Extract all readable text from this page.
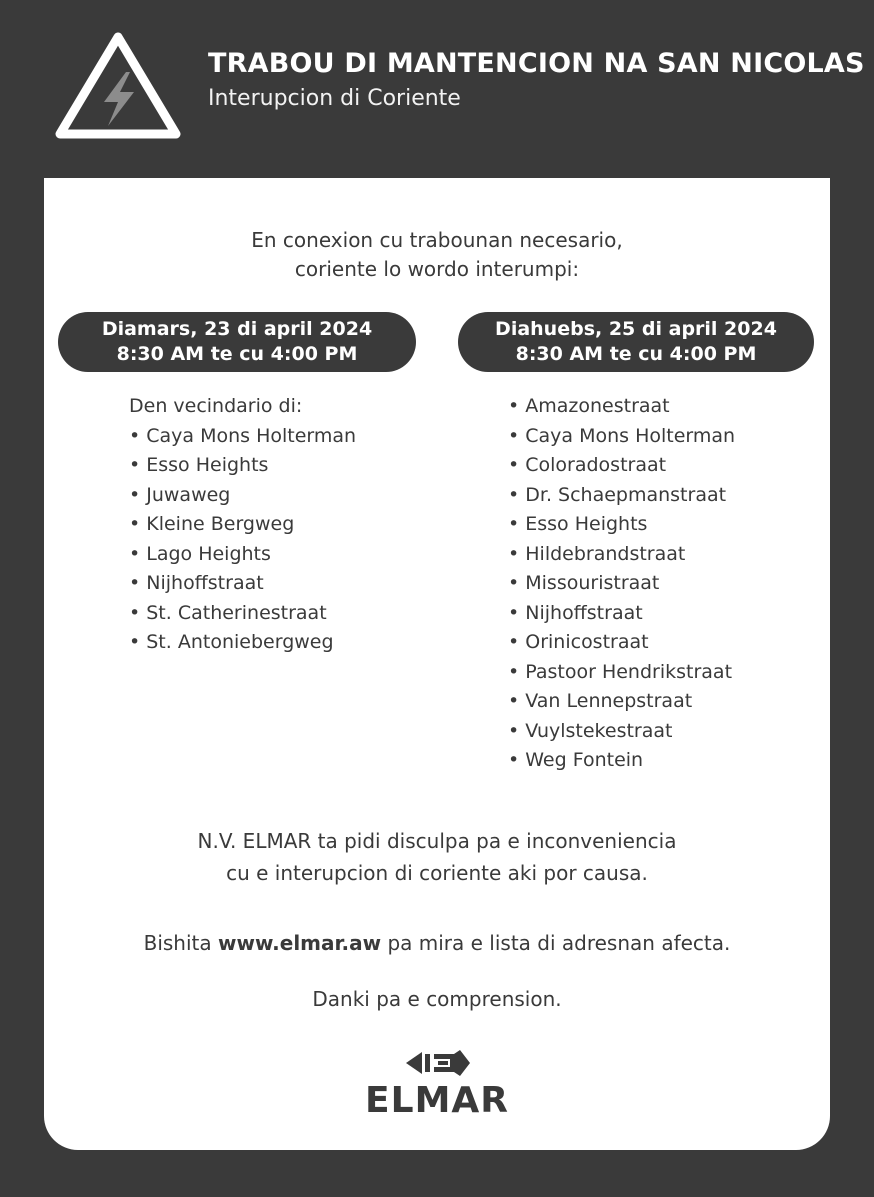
TRABOU DI MANTENCION NA SAN NICOLAS
Interupcion di Coriente
En conexion cu trabounan necesario,
coriente lo wordo interumpi:
Diamars, 23 di april 2024
8:30 AM te cu 4:00 PM
Diahuebs, 25 di april 2024
8:30 AM te cu 4:00 PM
Den vecindario di:
• Caya Mons Holterman
• Esso Heights
• Juwaweg
• Kleine Bergweg
• Lago Heights
• Nijhoffstraat
• St. Catherinestraat
• St. Antoniebergweg
• Amazonestraat
• Caya Mons Holterman
• Coloradostraat
• Dr. Schaepmanstraat
• Esso Heights
• Hildebrandstraat
• Missouristraat
• Nijhoffstraat
• Orinicostraat
• Pastoor Hendrikstraat
• Van Lennepstraat
• Vuylstekestraat
• Weg Fontein
N.V. ELMAR ta pidi disculpa pa e inconveniencia
cu e interupcion di coriente aki por causa.
Bishita www.elmar.aw pa mira e lista di adresnan afecta.
Danki pa e comprension.
ELMAR
